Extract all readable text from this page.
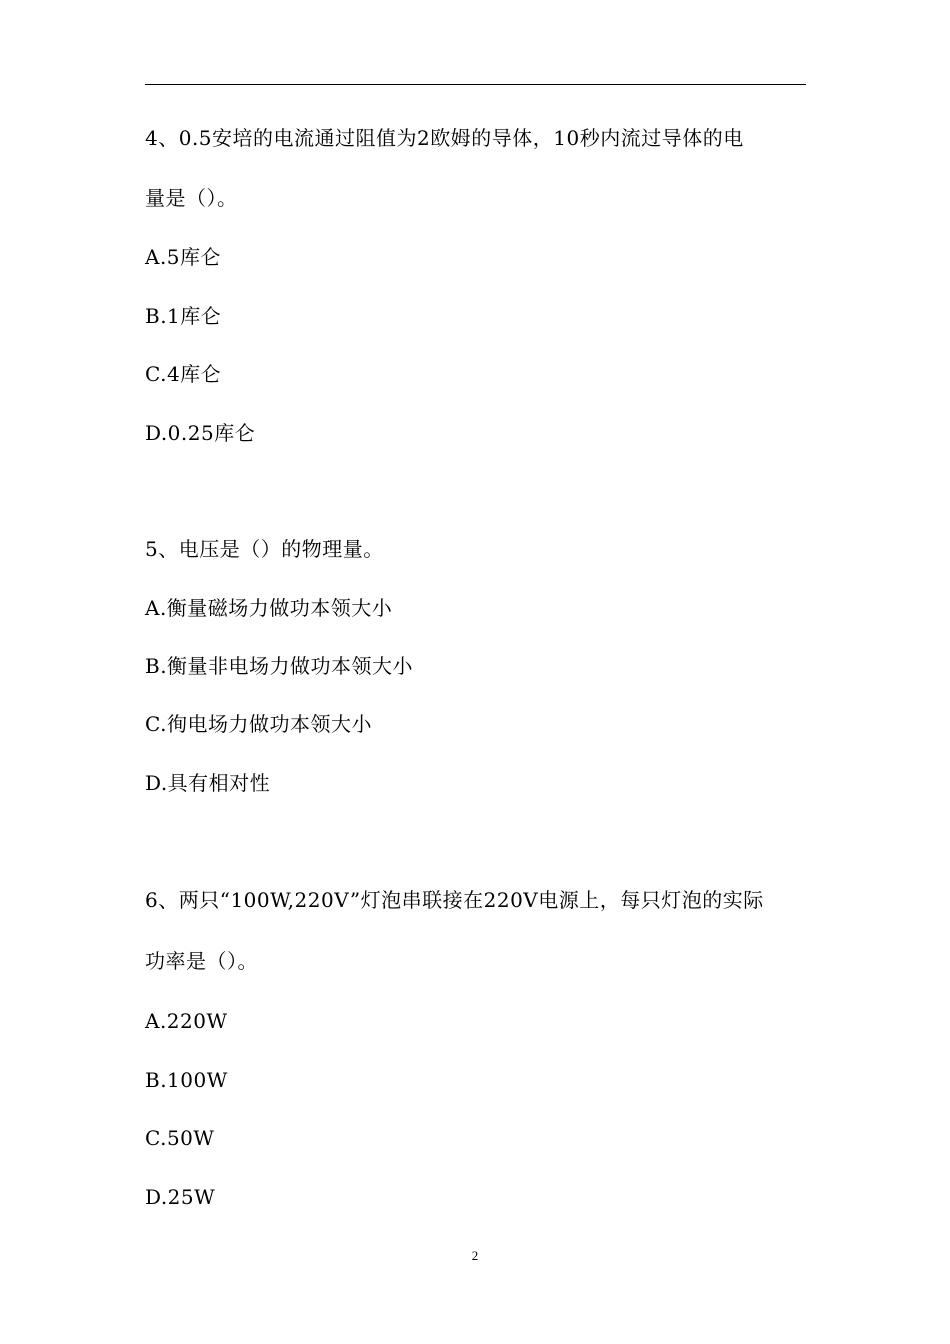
4、0.5安培的电流通过阻值为2欧姆的导体，10秒内流过导体的电
量是（）。
A.5库仑
B.1库仑
C.4库仑
D.0.25库仑
5、电压是（）的物理量。
A.衡量磁场力做功本领大小
B.衡量非电场力做功本领大小
C.徇电场力做功本领大小
D.具有相对性
6、两只“100W,220V”灯泡串联接在220V电源上，每只灯泡的实际
功率是（）。
A.220W
B.100W
C.50W
D.25W
2
